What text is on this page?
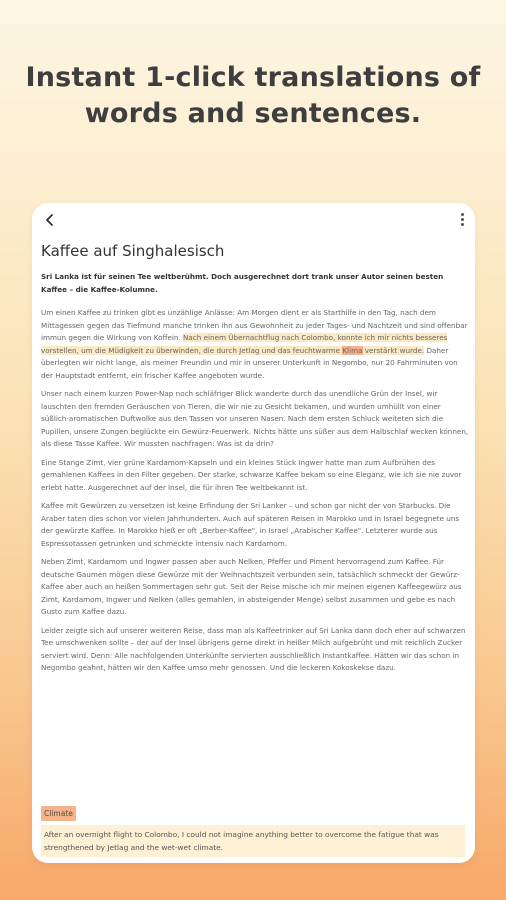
Instant 1-click translations of
words and sentences.
Kaffee auf Singhalesisch
Sri Lanka ist für seinen Tee weltberühmt. Doch ausgerechnet dort trank unser Autor seinen besten Kaffee – die Kaffee-Kolumne.

Um einen Kaffee zu trinken gibt es unzählige Anlässe: Am Morgen dient er als Starthilfe in den Tag, nach dem Mittagessen gegen das Tiefmund manche trinken ihn aus Gewohnheit zu jeder Tages- und Nachtzeit und sind offenbar immun gegen die Wirkung von Koffein. Nach einem Übernachtflug nach Colombo, konnte ich mir nichts besseres vorstellen, um die Müdigkeit zu überwinden, die durch Jetlag und das feuchtwarme Klima verstärkt wurde. Daher überlegten wir nicht lange, als meiner Freundin und mir in unserer Unterkunft in Negombo, nur 20 Fahrminuten von der Hauptstadt entfernt, ein frischer Kaffee angeboten wurde.

Unser nach einem kurzen Power-Nap noch schläfriger Blick wanderte durch das unendliche Grün der Insel, wir lauschten den fremden Geräuschen von Tieren, die wir nie zu Gesicht bekamen, und wurden umhüllt von einer süßlich-aromatischen Duftwolke aus den Tassen vor unseren Nasen. Nach dem ersten Schluck weiteten sich die Pupillen, unsere Zungen beglückte ein Gewürz-Feuerwerk. Nichts hätte uns süßer aus dem Halbschlaf wecken können, als diese Tasse Kaffee. Wir mussten nachfragen: Was ist da drin?

Eine Stange Zimt, vier grüne Kardamom-Kapseln und ein kleines Stück Ingwer hatte man zum Aufbrühen des gemahlenen Kaffees in den Filter gegeben. Der starke, schwarze Kaffee bekam so eine Eleganz, wie ich sie nie zuvor erlebt hatte. Ausgerechnet auf der Insel, die für ihren Tee weltbekannt ist.

Kaffee mit Gewürzen zu versetzen ist keine Erfindung der Sri Lanker – und schon gar nicht der von Starbucks. Die Araber taten dies schon vor vielen Jahrhunderten. Auch auf späteren Reisen in Marokko und in Israel begegnete uns der gewürzte Kaffee. In Marokko hieß er oft „Berber-Kaffee", in Israel „Arabischer Kaffee". Letzterer wurde aus Espressotassen getrunken und schmeckte intensiv nach Kardamom.

Neben Zimt, Kardamom und Ingwer passen aber auch Nelken, Pfeffer und Piment hervorragend zum Kaffee. Für deutsche Gaumen mögen diese Gewürze mit der Weihnachtszeit verbunden sein, tatsächlich schmeckt der Gewürz-Kaffee aber auch an heißen Sommertagen sehr gut. Seit der Reise mische ich mir meinen eigenen Kaffeegewürz aus Zimt, Kardamom, Ingwer und Nelken (alles gemahlen, in absteigender Menge) selbst zusammen und gebe es nach Gusto zum Kaffee dazu.

Leider zeigte sich auf unserer weiteren Reise, dass man als Kaffeetrinker auf Sri Lanka dann doch eher auf schwarzen Tee umschwenken sollte – der auf der Insel übrigens gerne direkt in heißer Milch aufgebrüht und mit reichlich Zucker serviert wird. Denn: Alle nachfolgenden Unterkünfte servierten ausschließlich Instantkaffee. Hätten wir das schon in Negombo geahnt, hätten wir den Kaffee umso mehr genossen. Und die leckeren Kokoskekse dazu.

Climate
After an overnight flight to Colombo, I could not imagine anything better to overcome the fatigue that was strengthened by Jetlag and the wet-wet climate.
